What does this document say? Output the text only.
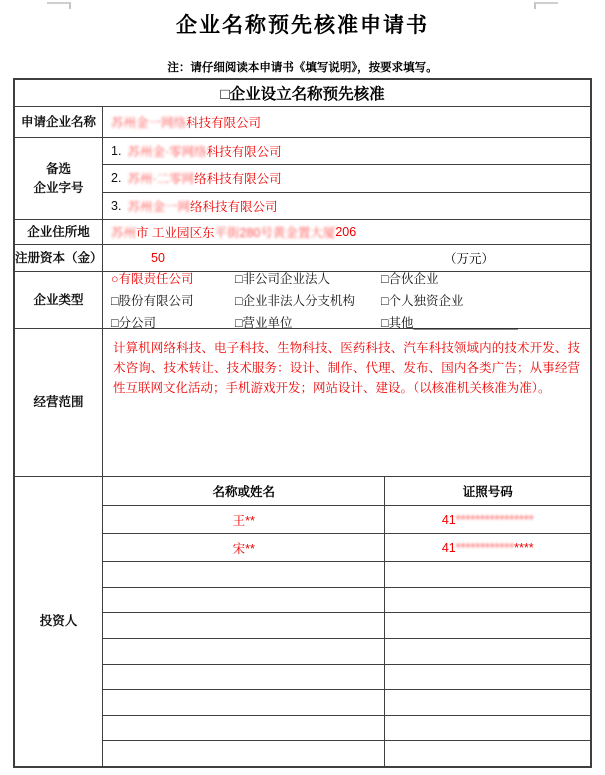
企业名称预先核准申请书
注：请仔细阅读本申请书《填写说明》，按要求填写。
□企业设立名称预先核准
申请企业名称	苏州金一网络 科技有限公司
备选
企业字号
1. 苏州金·零网络科技有限公司
2. 苏州·二零网络科技有限公司
3. 苏州金一网络科技有限公司
企业住所地	苏州 市 工业园区东 平街280号黄金置大厦 206
注册资本（金）	50	（万元）
企业类型
○有限责任公司	□非公司企业法人	□合伙企业
□股份有限公司	□企业非法人分支机构	□个人独资企业
□分公司	□营业单位	□其他_______________
经营范围
计算机网络科技、电子科技、生物科技、医药科技、汽车科技领域内的技术开发、技术咨询、技术转让、技术服务：设计、制作、代理、发布、国内各类广告；从事经营性互联网文化活动；手机游戏开发；网站设计、建设。（以核准机关核准为准）。
投资人
名称或姓名	证照号码
王**	41****************
宋**	41****************
